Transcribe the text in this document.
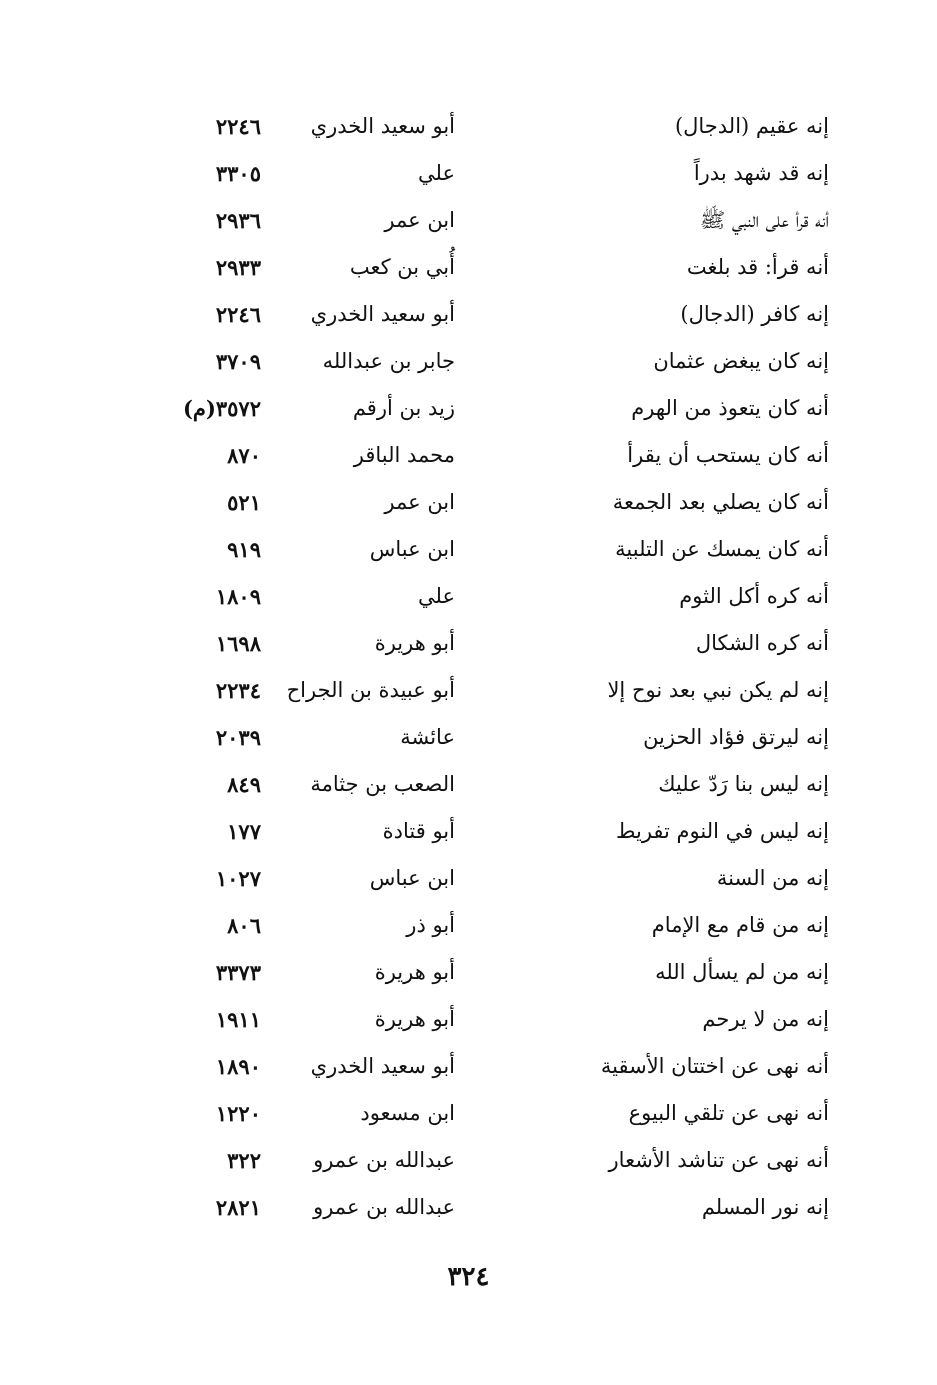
إنه عقيم (الدجال)
أبو سعيد الخدري
٢٢٤٦
إنه قد شهد بدراً
علي
٣٣٠٥
أنه قرأ على النبي ﷺ
ابن عمر
٢٩٣٦
أنه قرأ: قد بلغت
أُبي بن كعب
٢٩٣٣
إنه كافر (الدجال)
أبو سعيد الخدري
٢٢٤٦
إنه كان يبغض عثمان
جابر بن عبدالله
٣٧٠٩
أنه كان يتعوذ من الهرم
زيد بن أرقم
٣٥٧٢(م)
أنه كان يستحب أن يقرأ
محمد الباقر
٨٧٠
أنه كان يصلي بعد الجمعة
ابن عمر
٥٢١
أنه كان يمسك عن التلبية
ابن عباس
٩١٩
أنه كره أكل الثوم
علي
١٨٠٩
أنه كره الشكال
أبو هريرة
١٦٩٨
إنه لم يكن نبي بعد نوح إلا
أبو عبيدة بن الجراح
٢٢٣٤
إنه ليرتق فؤاد الحزين
عائشة
٢٠٣٩
إنه ليس بنا رَدّ عليك
الصعب بن جثامة
٨٤٩
إنه ليس في النوم تفريط
أبو قتادة
١٧٧
إنه من السنة
ابن عباس
١٠٢٧
إنه من قام مع الإمام
أبو ذر
٨٠٦
إنه من لم يسأل الله
أبو هريرة
٣٣٧٣
إنه من لا يرحم
أبو هريرة
١٩١١
أنه نهى عن اختتان الأسقية
أبو سعيد الخدري
١٨٩٠
أنه نهى عن تلقي البيوع
ابن مسعود
١٢٢٠
أنه نهى عن تناشد الأشعار
عبدالله بن عمرو
٣٢٢
إنه نور المسلم
عبدالله بن عمرو
٢٨٢١
٣٢٤
